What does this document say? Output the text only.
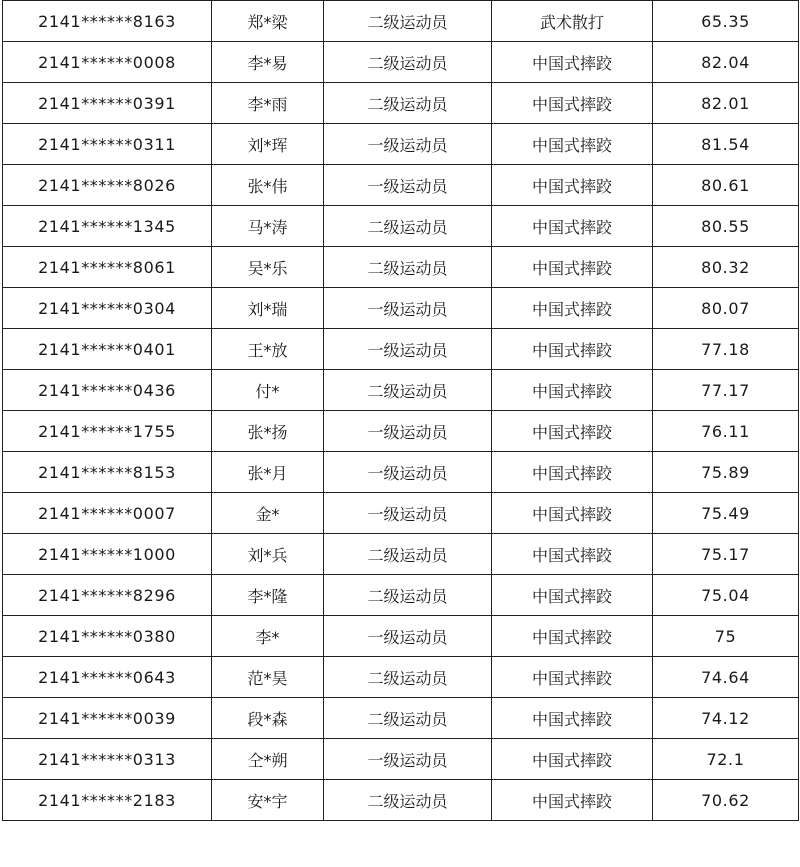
2141******8163	郑*梁	二级运动员	武术散打	65.35
2141******0008	李*易	二级运动员	中国式摔跤	82.04
2141******0391	李*雨	二级运动员	中国式摔跤	82.01
2141******0311	刘*珲	一级运动员	中国式摔跤	81.54
2141******8026	张*伟	一级运动员	中国式摔跤	80.61
2141******1345	马*涛	二级运动员	中国式摔跤	80.55
2141******8061	吴*乐	二级运动员	中国式摔跤	80.32
2141******0304	刘*瑞	一级运动员	中国式摔跤	80.07
2141******0401	王*放	一级运动员	中国式摔跤	77.18
2141******0436	付*	二级运动员	中国式摔跤	77.17
2141******1755	张*扬	一级运动员	中国式摔跤	76.11
2141******8153	张*月	一级运动员	中国式摔跤	75.89
2141******0007	金*	一级运动员	中国式摔跤	75.49
2141******1000	刘*兵	二级运动员	中国式摔跤	75.17
2141******8296	李*隆	二级运动员	中国式摔跤	75.04
2141******0380	李*	一级运动员	中国式摔跤	75
2141******0643	范*昊	二级运动员	中国式摔跤	74.64
2141******0039	段*森	二级运动员	中国式摔跤	74.12
2141******0313	仝*朔	一级运动员	中国式摔跤	72.1
2141******2183	安*宇	二级运动员	中国式摔跤	70.62
